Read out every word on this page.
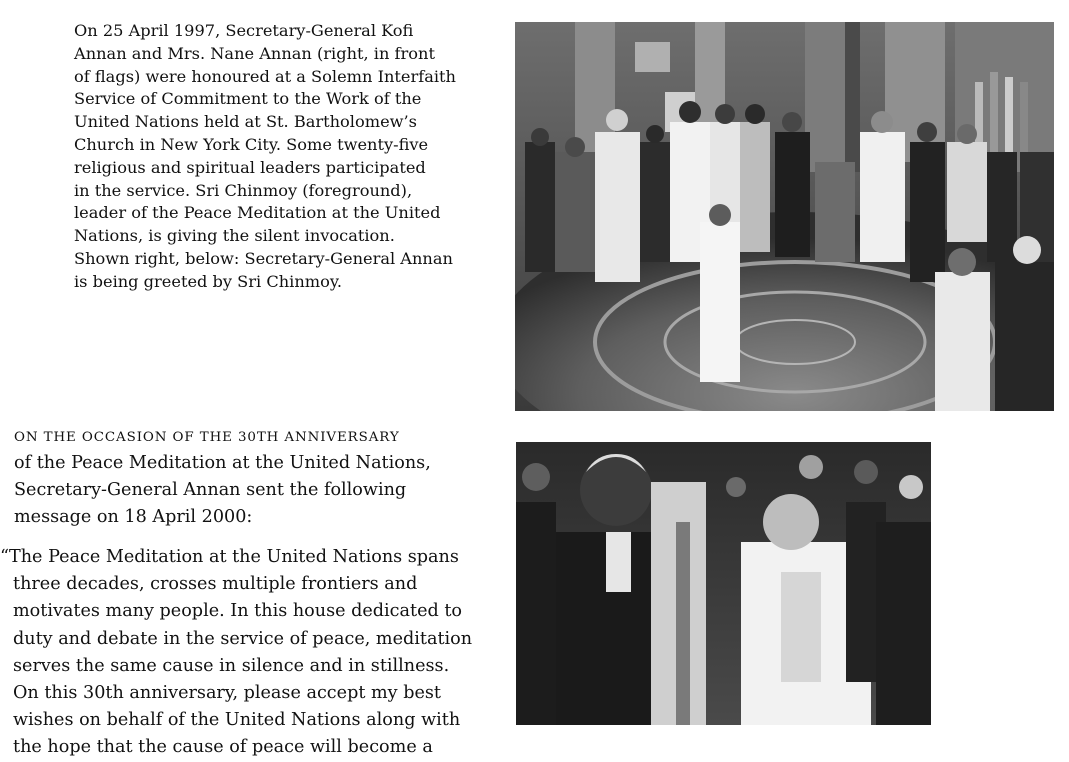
On 25 April 1997, Secretary-General Kofi
Annan and Mrs. Nane Annan (right, in front
of flags) were honoured at a Solemn Interfaith
Service of Commitment to the Work of the
United Nations held at St. Bartholomew’s
Church in New York City. Some twenty-five
religious and spiritual leaders participated
in the service. Sri Chinmoy (foreground),
leader of the Peace Meditation at the United
Nations, is giving the silent invocation.
Shown right, below: Secretary-General Annan
is being greeted by Sri Chinmoy.
ON THE OCCASION OF THE 30TH ANNIVERSARY
of the Peace Meditation at the United Nations,
Secretary-General Annan sent the following
message on 18 April 2000:
“The Peace Meditation at the United Nations spans
three decades, crosses multiple frontiers and
motivates many people. In this house dedicated to
duty and debate in the service of peace, meditation
serves the same cause in silence and in stillness.
On this 30th anniversary, please accept my best
wishes on behalf of the United Nations along with
the hope that the cause of peace will become a
